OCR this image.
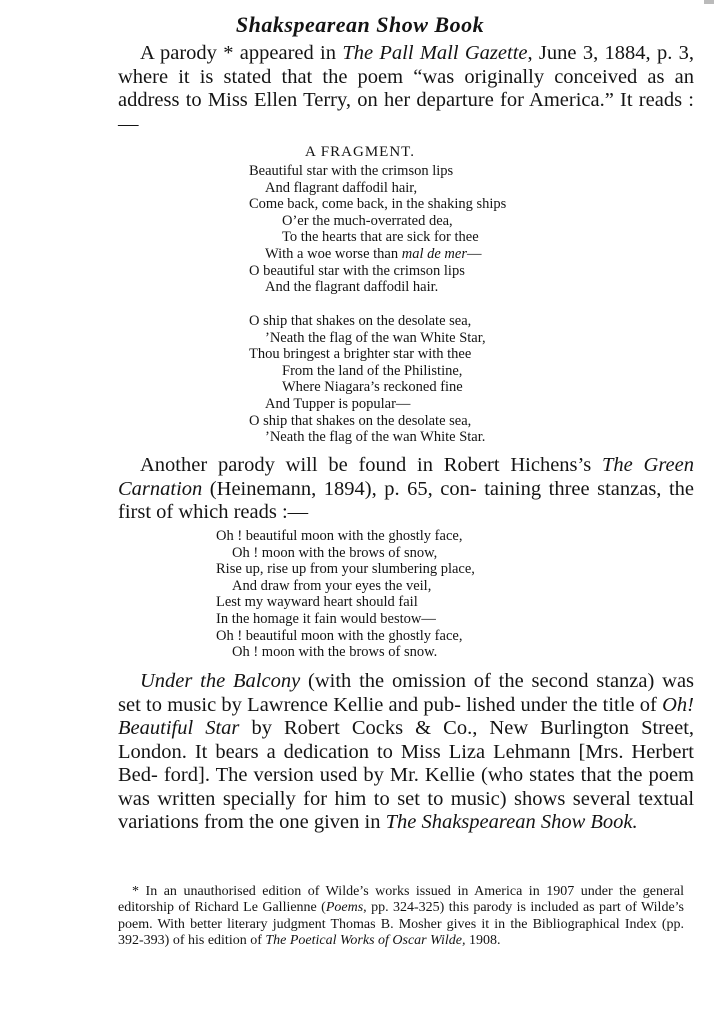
Shakspearean Show Book

A parody * appeared in The Pall Mall Gazette, June 3, 1884, p. 3, where it is stated that the poem “was originally conceived as an address to Miss Ellen Terry, on her departure for America.” It reads :—

A FRAGMENT.
Beautiful star with the crimson lips
And flagrant daffodil hair,
Come back, come back, in the shaking ships
O’er the much-overrated dea,
To the hearts that are sick for thee
With a woe worse than mal de mer—
O beautiful star with the crimson lips
And the flagrant daffodil hair.
O ship that shakes on the desolate sea,
’Neath the flag of the wan White Star,
Thou bringest a brighter star with thee
From the land of the Philistine,
Where Niagara’s reckoned fine
And Tupper is popular—
O ship that shakes on the desolate sea,
’Neath the flag of the wan White Star.

Another parody will be found in Robert Hichens’s The Green Carnation (Heinemann, 1894), p. 65, con- taining three stanzas, the first of which reads :—

Oh ! beautiful moon with the ghostly face,
Oh ! moon with the brows of snow,
Rise up, rise up from your slumbering place,
And draw from your eyes the veil,
Lest my wayward heart should fail
In the homage it fain would bestow—
Oh ! beautiful moon with the ghostly face,
Oh ! moon with the brows of snow.

Under the Balcony (with the omission of the second stanza) was set to music by Lawrence Kellie and pub- lished under the title of Oh! Beautiful Star by Robert Cocks & Co., New Burlington Street, London. It bears a dedication to Miss Liza Lehmann [Mrs. Herbert Bed- ford]. The version used by Mr. Kellie (who states that the poem was written specially for him to set to music) shows several textual variations from the one given in The Shakspearean Show Book.

* In an unauthorised edition of Wilde’s works issued in America in 1907 under the general editorship of Richard Le Gallienne (Poems, pp. 324-325) this parody is included as part of Wilde’s poem. With better literary judgment Thomas B. Mosher gives it in the Bibliographical Index (pp. 392-393) of his edition of The Poetical Works of Oscar Wilde, 1908.
